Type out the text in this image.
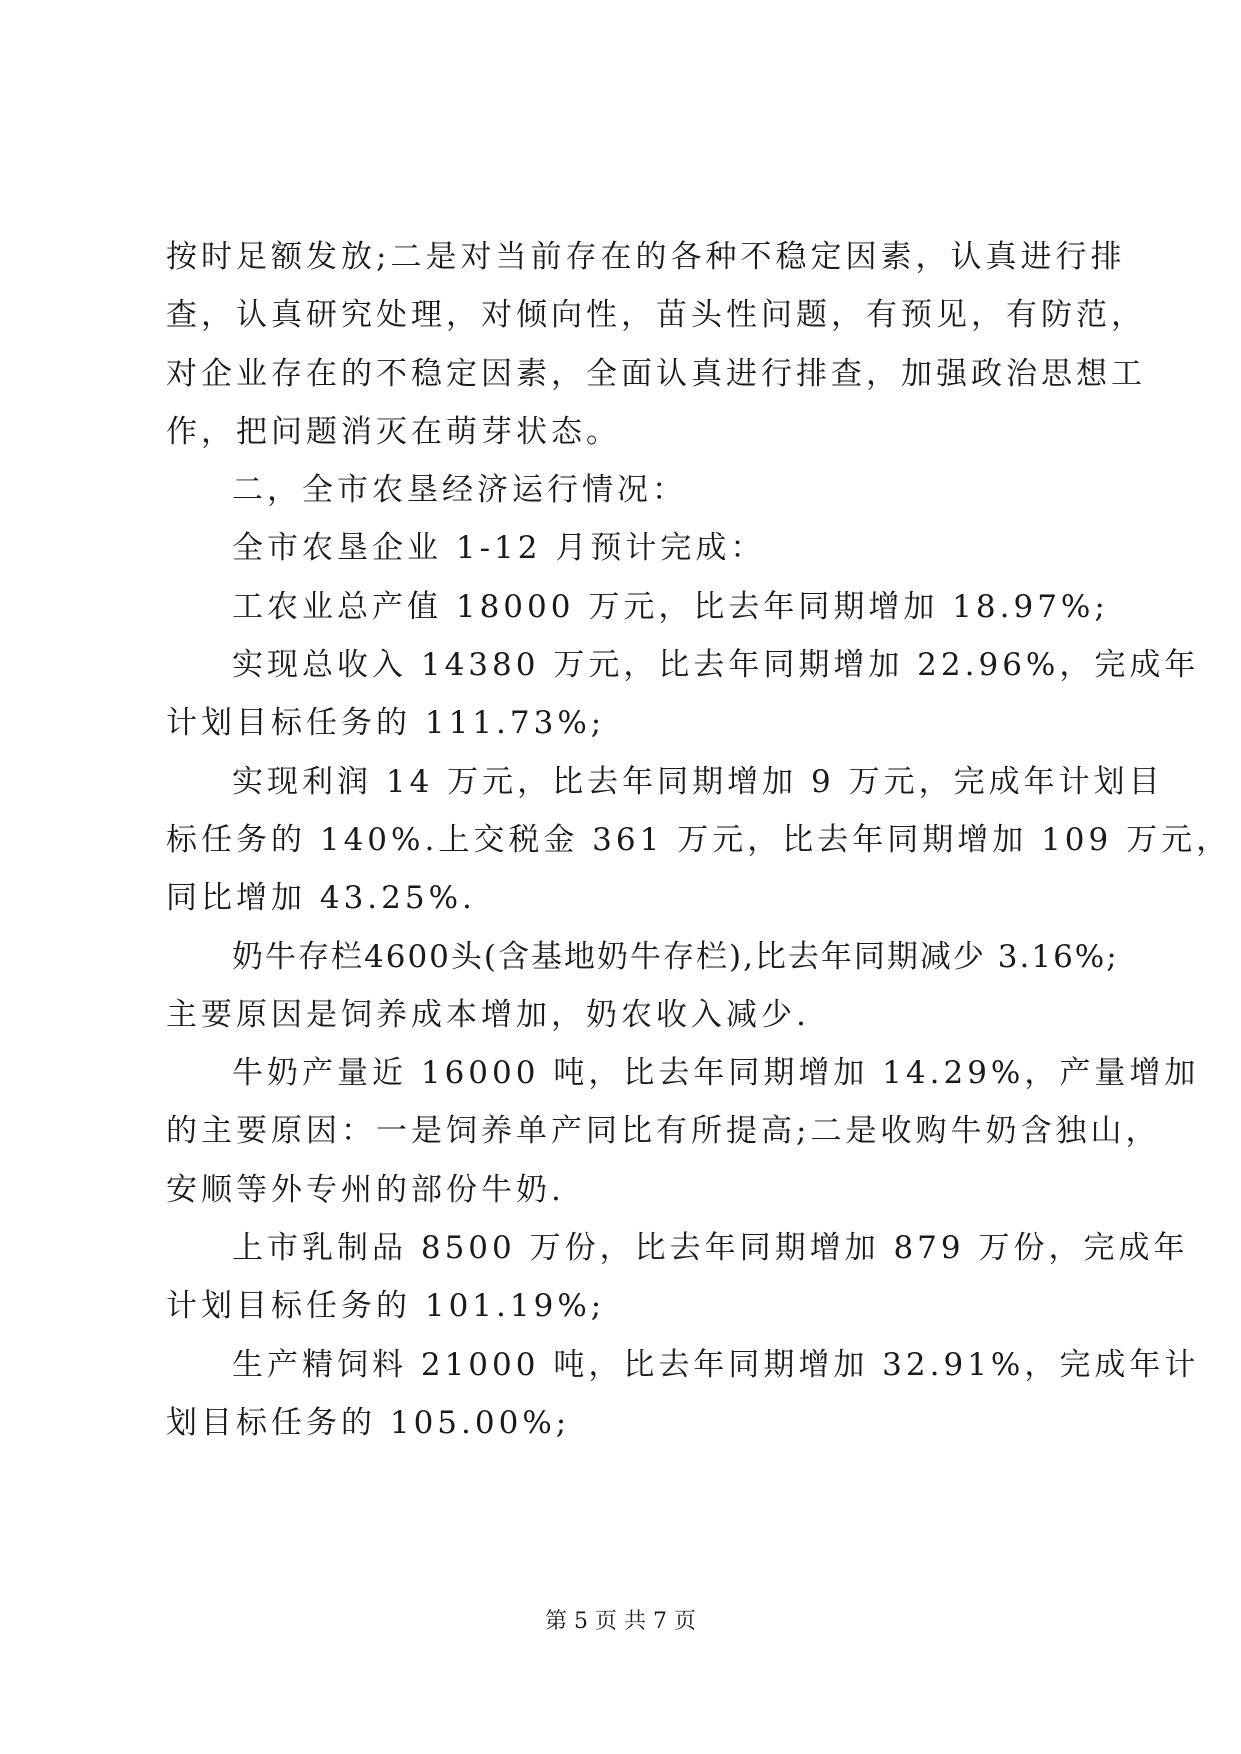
按时足额发放;二是对当前存在的各种不稳定因素，认真进行排
查，认真研究处理，对倾向性，苗头性问题，有预见，有防范，
对企业存在的不稳定因素，全面认真进行排查，加强政治思想工
作，把问题消灭在萌芽状态。
二，全市农垦经济运行情况：
全市农垦企业 1-12 月预计完成：
工农业总产值 18000 万元，比去年同期增加 18.97%;
实现总收入 14380 万元，比去年同期增加 22.96%，完成年
计划目标任务的 111.73%;
实现利润 14 万元，比去年同期增加 9 万元，完成年计划目
标任务的 140%.上交税金 361 万元，比去年同期增加 109 万元，
同比增加 43.25%.
奶牛存栏4600头(含基地奶牛存栏),比去年同期减少 3.16%;
主要原因是饲养成本增加，奶农收入减少.
牛奶产量近 16000 吨，比去年同期增加 14.29%，产量增加
的主要原因：一是饲养单产同比有所提高;二是收购牛奶含独山，
安顺等外专州的部份牛奶.
上市乳制品 8500 万份，比去年同期增加 879 万份，完成年
计划目标任务的 101.19%;
生产精饲料 21000 吨，比去年同期增加 32.91%，完成年计
划目标任务的 105.00%;
第 5 页 共 7 页
